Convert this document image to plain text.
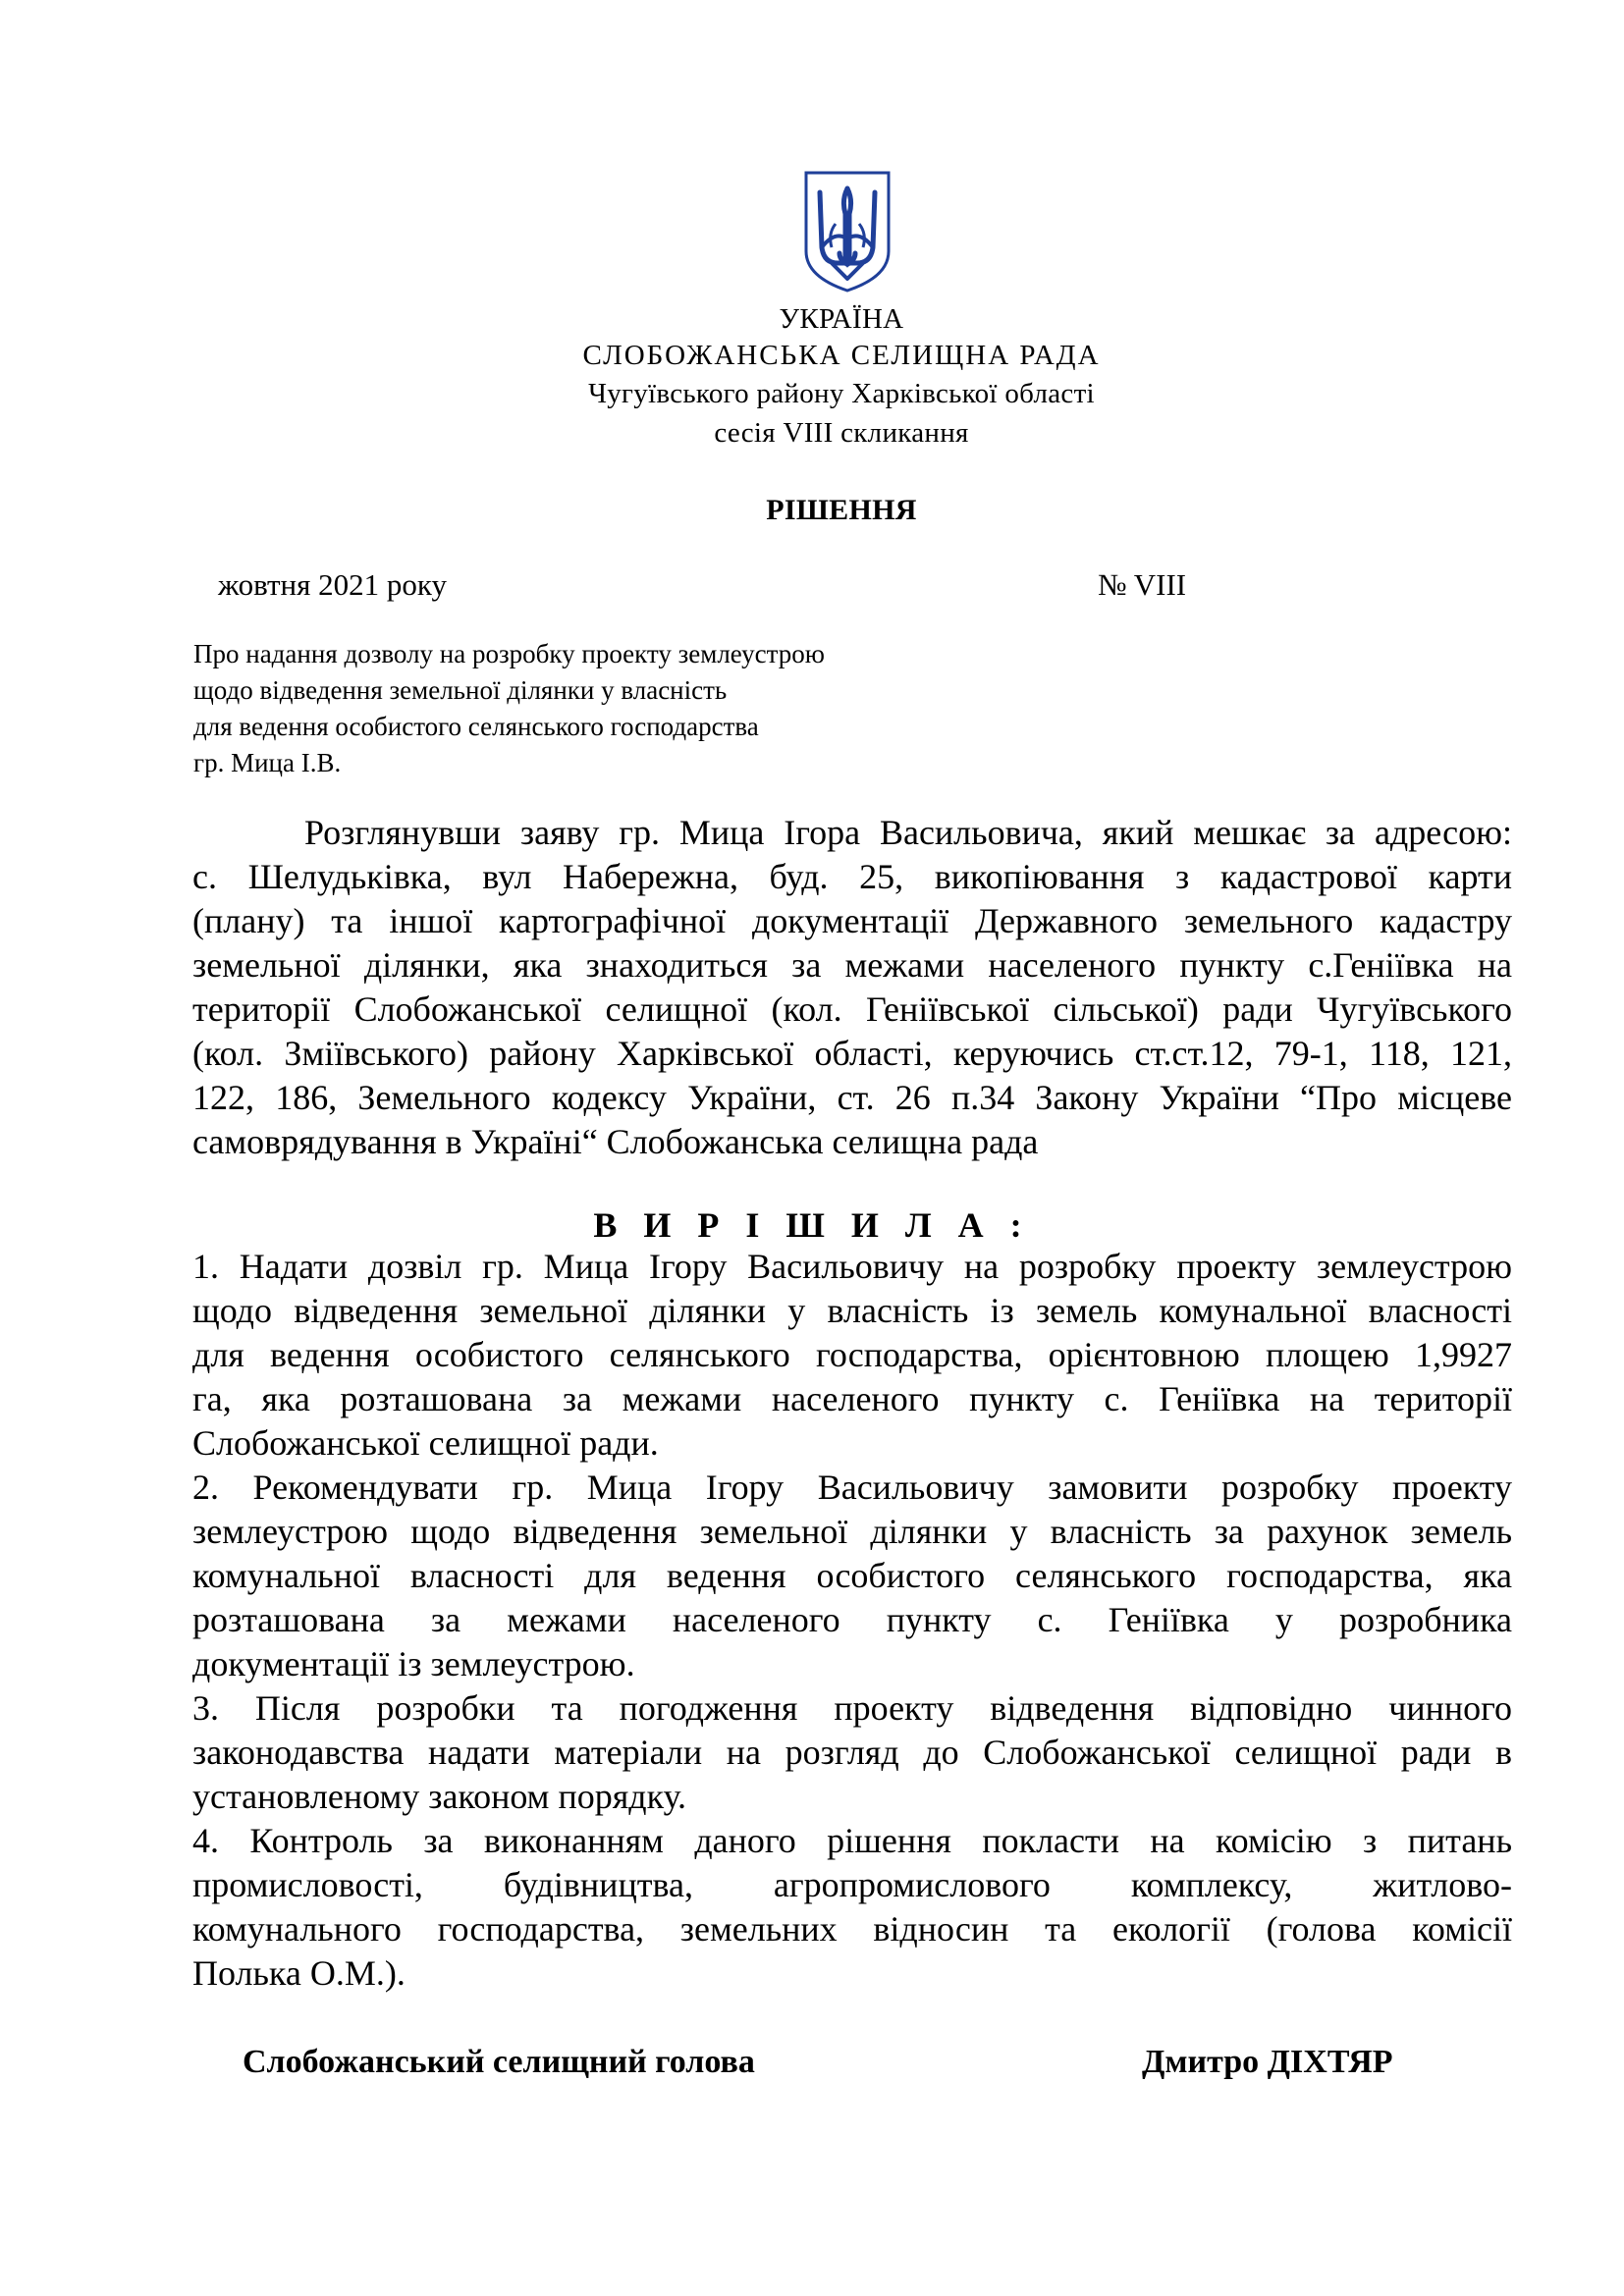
УКРАЇНА
СЛОБОЖАНСЬКА СЕЛИЩНА РАДА
Чугуївського району Харківської області
сесія VIII скликання
РІШЕННЯ
жовтня 2021 року	№ VIII
Про надання дозволу на розробку проекту землеустрою
щодо відведення земельної ділянки у власність
для ведення особистого селянського господарства
гр. Мица І.В.
Розглянувши заяву гр. Мица Ігора Васильовича, який мешкає за адресою:
с. Шелудьківка, вул Набережна, буд. 25, викопіювання з кадастрової карти
(плану) та іншої картографічної документації Державного земельного кадастру
земельної ділянки, яка знаходиться за межами населеного пункту с.Геніївка на
території Слобожанської селищної (кол. Геніївської сільської) ради Чугуївського
(кол. Зміївського) району Харківської області, керуючись ст.ст.12, 79-1, 118, 121,
122, 186, Земельного кодексу України, ст. 26 п.34 Закону України “Про місцеве
самоврядування в Україні“ Слобожанська селищна рада
В И Р І Ш И Л А :
1. Надати дозвіл гр. Мица Ігору Васильовичу на розробку проекту землеустрою
щодо відведення земельної ділянки у власність із земель комунальної власності
для ведення особистого селянського господарства, орієнтовною площею 1,9927
га, яка розташована за межами населеного пункту с. Геніївка на території
Слобожанської селищної ради.
2. Рекомендувати гр. Мица Ігору Васильовичу замовити розробку проекту
землеустрою щодо відведення земельної ділянки у власність за рахунок земель
комунальної власності для ведення особистого селянського господарства, яка
розташована за межами населеного пункту с. Геніївка у розробника
документації із землеустрою.
3. Після розробки та погодження проекту відведення відповідно чинного
законодавства надати матеріали на розгляд до Слобожанської селищної ради в
установленому законом порядку.
4. Контроль за виконанням даного рішення покласти на комісію з питань
промисловості, будівництва, агропромислового комплексу, житлово-
комунального господарства, земельних відносин та екології (голова комісії
Полька О.М.).
Слобожанський селищний голова	Дмитро ДІХТЯР
